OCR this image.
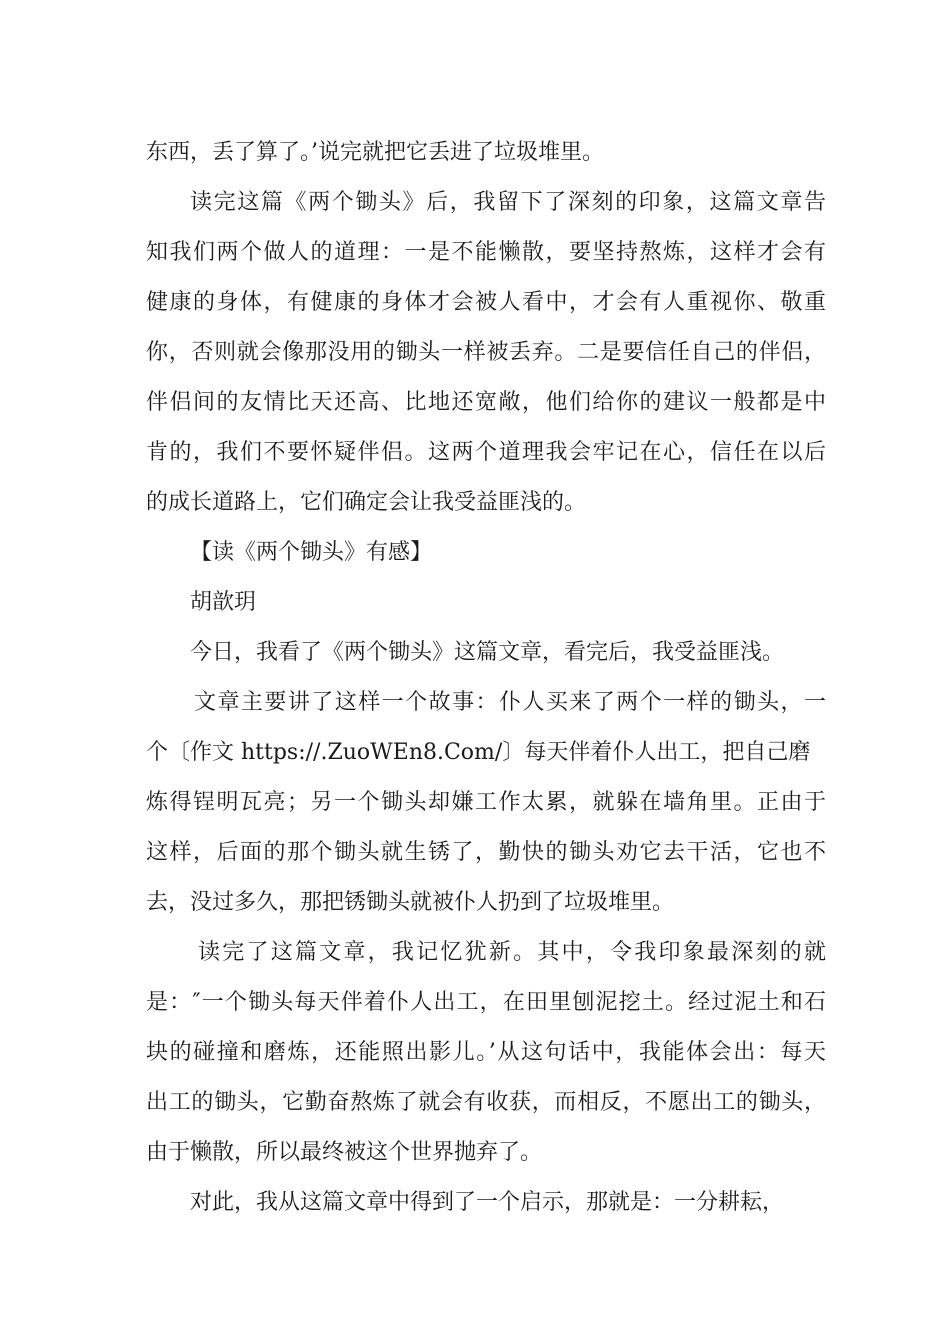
东西，丢了算了。’说完就把它丢进了垃圾堆里。
读完这篇《两个锄头》后，我留下了深刻的印象，这篇文章告
知我们两个做人的道理：一是不能懒散，要坚持熬炼，这样才会有
健康的身体，有健康的身体才会被人看中，才会有人重视你、敬重
你，否则就会像那没用的锄头一样被丢弃。二是要信任自己的伴侣，
伴侣间的友情比天还高、比地还宽敞，他们给你的建议一般都是中
肯的，我们不要怀疑伴侣。这两个道理我会牢记在心，信任在以后
的成长道路上，它们确定会让我受益匪浅的。
【读《两个锄头》有感】
胡歆玥
今日，我看了《两个锄头》这篇文章，看完后，我受益匪浅。
文章主要讲了这样一个故事：仆人买来了两个一样的锄头，一
个〔作文 https://.ZuoWEn8.Com/〕每天伴着仆人出工，把自己磨
炼得锃明瓦亮；另一个锄头却嫌工作太累，就躲在墙角里。正由于
这样，后面的那个锄头就生锈了，勤快的锄头劝它去干活，它也不
去，没过多久，那把锈锄头就被仆人扔到了垃圾堆里。
读完了这篇文章，我记忆犹新。其中，令我印象最深刻的就
是：″一个锄头每天伴着仆人出工，在田里刨泥挖土。经过泥土和石
块的碰撞和磨炼，还能照出影儿。’从这句话中，我能体会出：每天
出工的锄头，它勤奋熬炼了就会有收获，而相反，不愿出工的锄头，
由于懒散，所以最终被这个世界抛弃了。
对此，我从这篇文章中得到了一个启示，那就是：一分耕耘，
